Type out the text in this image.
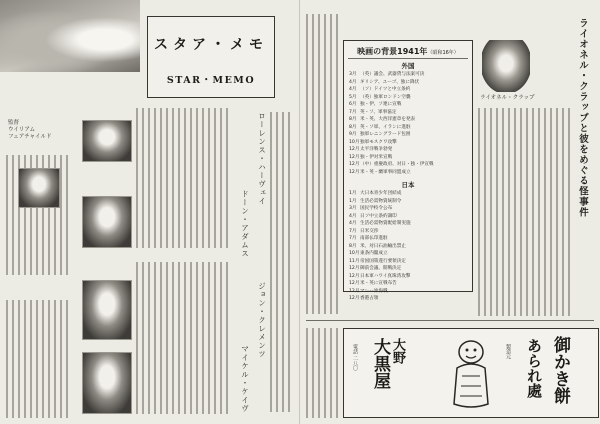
スタア・メモ
STAR・MEMO
監督
ウイリアム
フェアチャイルド	ローレンス・ハーヴェイ
ドーン・アダムス
ジョン・クレメンツ
マイケル・ケイヴ
映画の背景1941年（昭和16年）
外国
3月 （英）議会、武器貸与法案可決
4月 ギリシア、ユーゴ、独に降伏
4月 （ソ）ドイツと中立条約
5月 （英）独軍ロンドン空襲
6月 独・伊、ソ連に宣戦
7月 英・ソ、軍事協定
8月 米・英、大西洋憲章を発表
8月 英・ソ軍、イランに進駐
9月 独軍レニングラード包囲
10月独軍モスクワ攻撃
12月太平洋戦争勃発
12月独・伊対米宣戦
12月（中）重慶政府、対日・独・伊宣戦
12月米・英・蘭軍事同盟成立
日本
1月 大日本青少年団結成
1月 生活必需物資統制令
3月 国民学校令公布
4月 日ソ中立条約調印
4月 生活必需物資配給制実施
7月 日米交渉
7月 南部仏印進駐
8月 米、対日石油輸出禁止
10月東条内閣成立
11月帝国国策遂行要領決定
12月御前会議、開戦決定
12月日本軍ハワイ真珠湾攻撃
12月米・英に宣戦布告
12月マレー沖海戦
12月香港占領
ライオネル・クラップ	ライオネル・クラップと彼をめぐる怪事件
電話 二八〇 大野
大黒屋	製造元 あられ處 御かき餅
